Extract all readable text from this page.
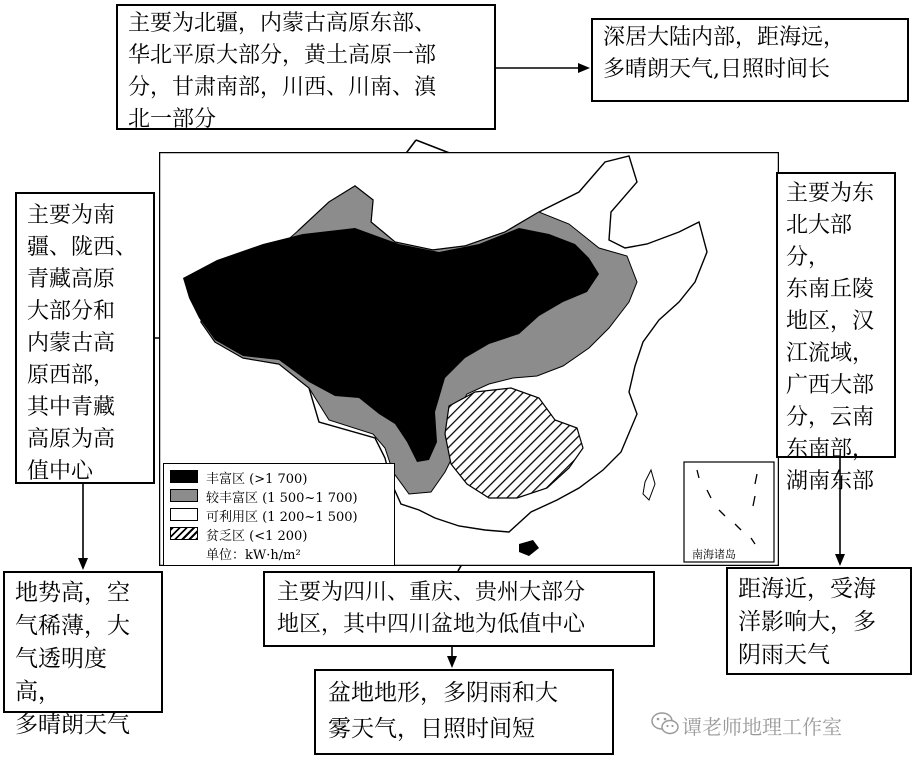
丰富区 (>1 700)
较丰富区 (1 500~1 700)
可利用区 (1 200~1 500)
贫乏区 (<1 200)
单位：kW·h/m²	南海诸岛
主要为北疆，内蒙古高原东部、
华北平原大部分，黄土高原一部
分，甘肃南部，川西、川南、滇
北一部分
深居大陆内部，距海远，
多晴朗天气,日照时间长
主要为东
北大部分，
东南丘陵
地区，汉
江流域，
广西大部
分，云南
东南部，
湖南东部
主要为南
疆、陇西、
青藏高原
大部分和
内蒙古高
原西部，
其中青藏
高原为高
值中心
地势高，空
气稀薄，大
气透明度高，
多晴朗天气
主要为四川、重庆、贵州大部分
地区，其中四川盆地为低值中心
盆地地形，多阴雨和大
雾天气，日照时间短
距海近，受海
洋影响大，多
阴雨天气
谭老师地理工作室
